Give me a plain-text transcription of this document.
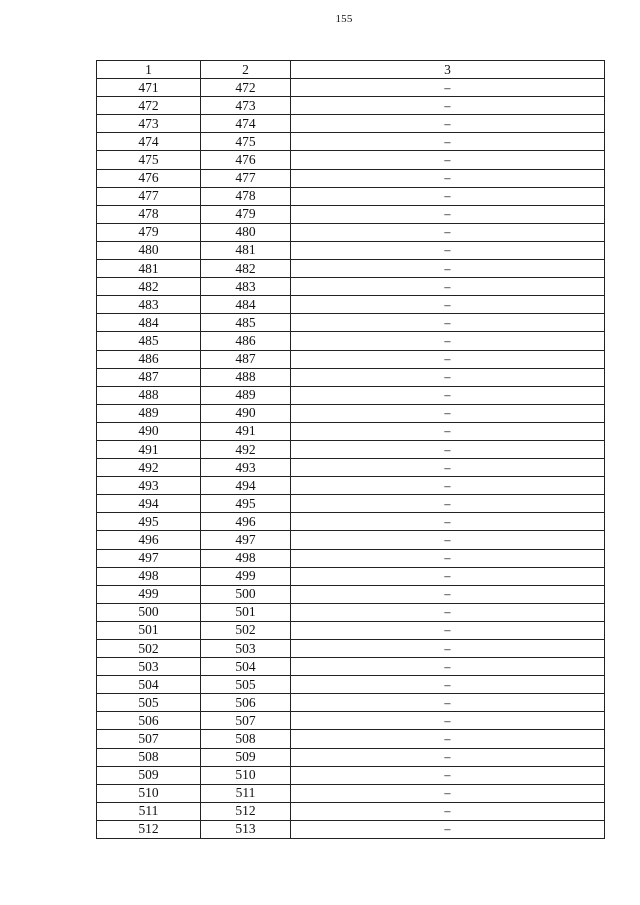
155
1	2	3
471	472	–
472	473	–
473	474	–
474	475	–
475	476	–
476	477	–
477	478	–
478	479	–
479	480	–
480	481	–
481	482	–
482	483	–
483	484	–
484	485	–
485	486	–
486	487	–
487	488	–
488	489	–
489	490	–
490	491	–
491	492	–
492	493	–
493	494	–
494	495	–
495	496	–
496	497	–
497	498	–
498	499	–
499	500	–
500	501	–
501	502	–
502	503	–
503	504	–
504	505	–
505	506	–
506	507	–
507	508	–
508	509	–
509	510	–
510	511	–
511	512	–
512	513	–
